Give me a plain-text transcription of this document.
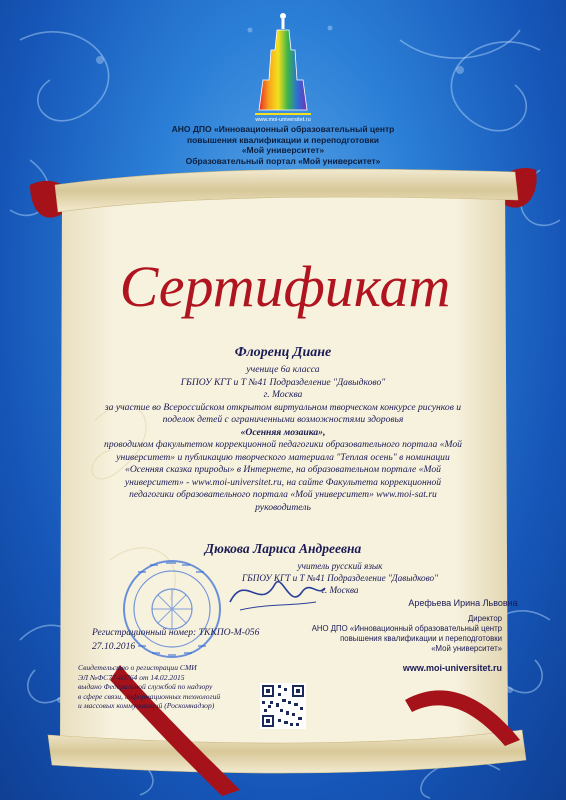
www.moi-universitet.ru
АНО ДПО «Инновационный образовательный центр
повышения квалификации и переподготовки
«Мой университет»
Образовательный портал «Мой университет»
Сертификат
Флоренц Диане
ученице 6а класса
ГБПОУ КГТ и Т №41 Подразделение "Давыдково"
г. Москва
за участие во Всероссийском открытом виртуальном творческом конкурсе рисунков и
поделок детей с ограниченными возможностями здоровья
«Осенняя мозаика»,
проводимом факультетом коррекционной педагогики образовательного портала «Мой
университет» и публикацию творческого материала "Теплая осень" в номинации
«Осенняя сказка природы» в Интернете, на образовательном портале «Мой
университет» - www.moi-universitet.ru, на сайте Факультета коррекционной
педагогики образовательного портала «Мой университет» www.moi-sat.ru
руководитель
Дюкова Лариса Андреевна
учитель русский язык
ГБПОУ КГТ и Т №41 Подразделение "Давыдково"
г. Москва
Регистрационный номер: ТККПО-М-056
27.10.2016
Арефьева Ирина Львовна
Директор
АНО ДПО «Инновационный образовательный центр
повышения квалификации и переподготовки
«Мой университет»
www.moi-universitet.ru
Свидетельство о регистрации СМИ
ЭЛ №ФС77-60764 от 14.02.2015
выдано Федеральной службой по надзору
в сфере связи, информационных технологий
и массовых коммуникаций (Роскомнадзор)
